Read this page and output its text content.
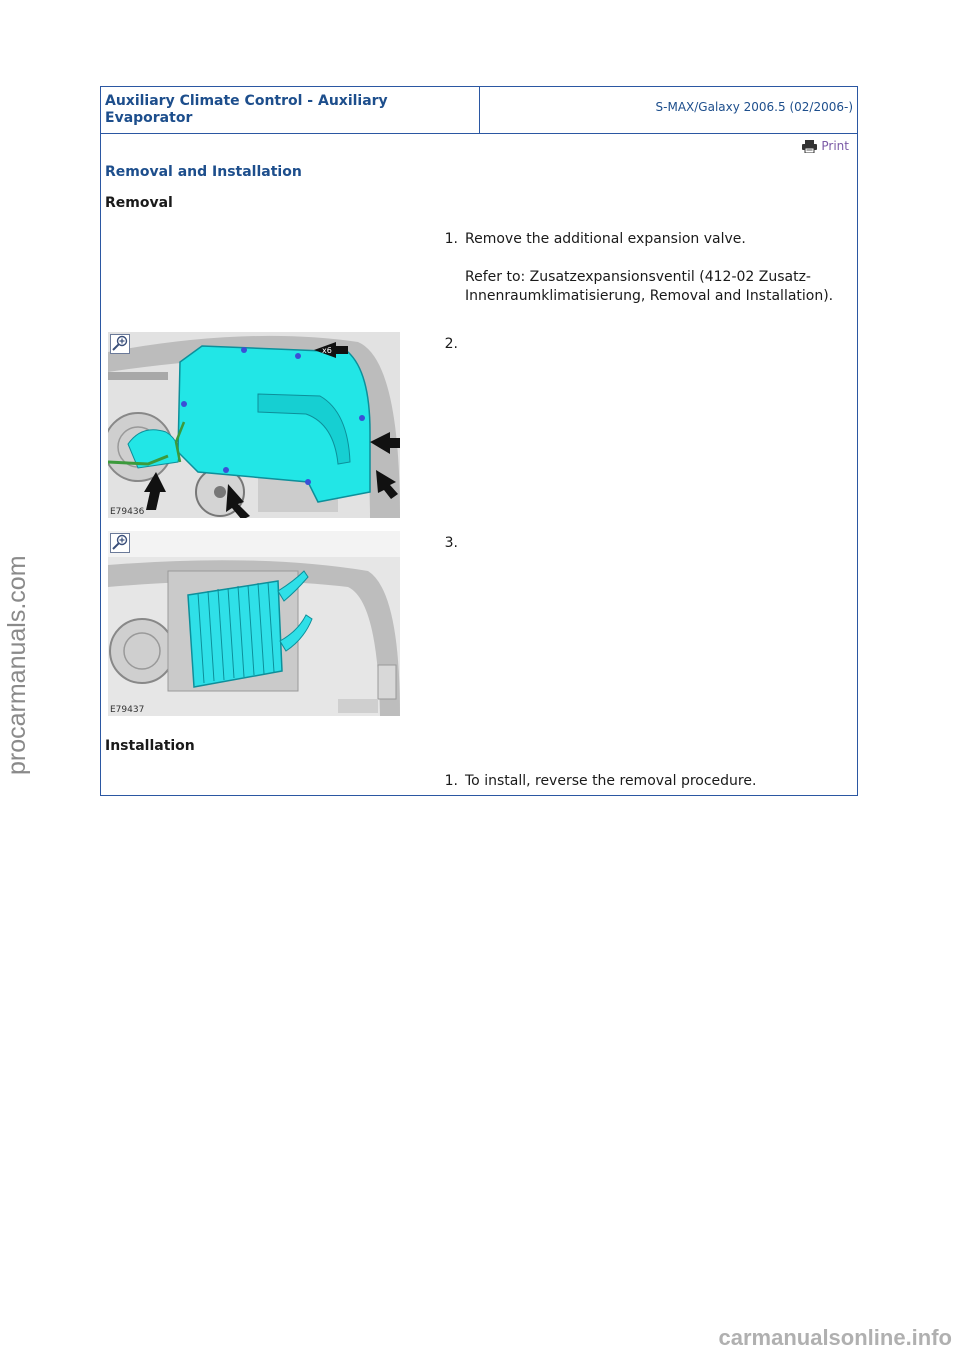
Auxiliary Climate Control - Auxiliary Evaporator
S-MAX/Galaxy 2006.5 (02/2006-)
Print
Removal and Installation
Removal
1. Remove the additional expansion valve.
Refer to: Zusatzexpansionsventil (412-02 Zusatz-Innenraumklimatisierung, Removal and Installation).
x6
E79436
2.
E79437
3.
Installation
1. To install, reverse the removal procedure.
procarmanuals.com
carmanualsonline.info
